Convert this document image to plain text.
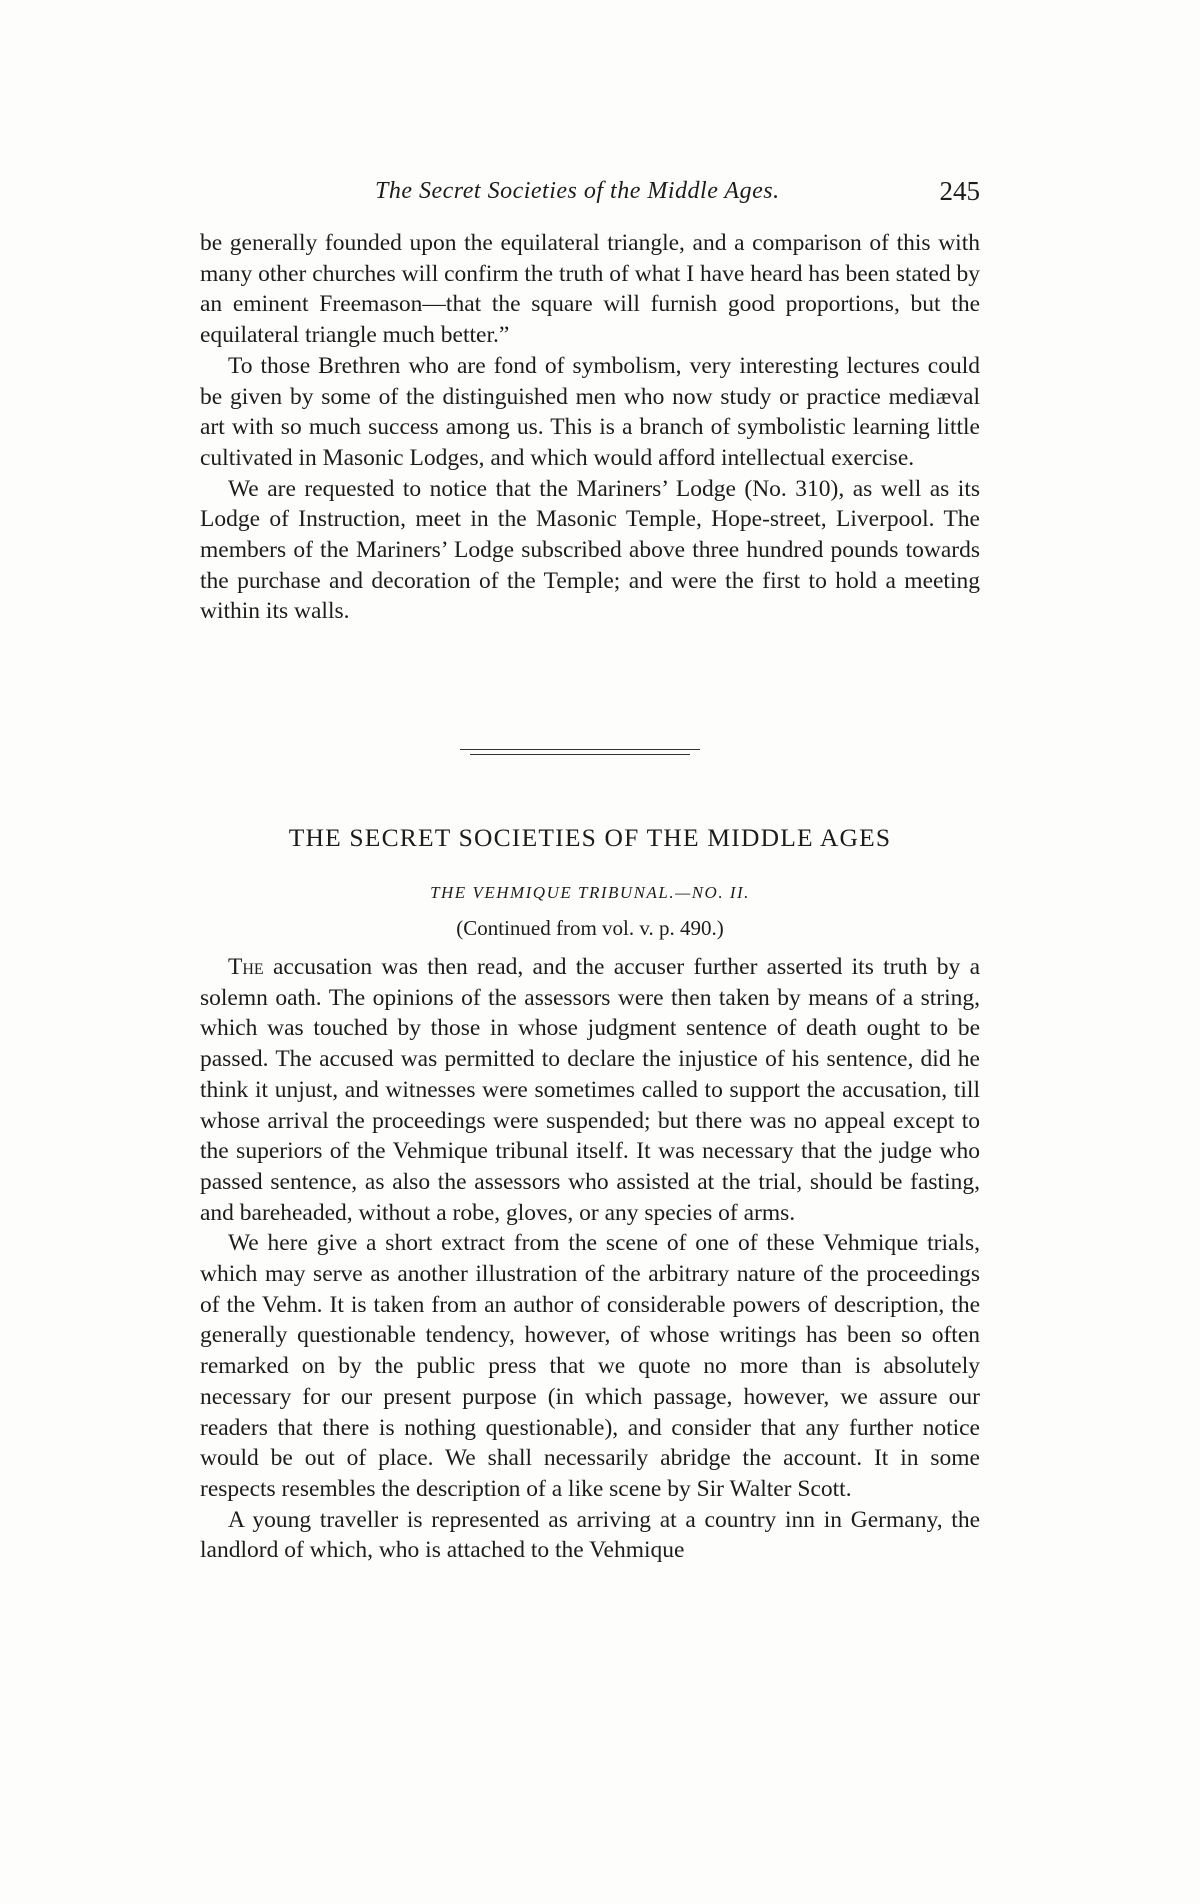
The Secret Societies of the Middle Ages.	245

be generally founded upon the equilateral triangle, and a comparison of this with many other churches will confirm the truth of what I have heard has been stated by an eminent Freemason—that the square will furnish good proportions, but the equilateral triangle much better.”

To those Brethren who are fond of symbolism, very interesting lectures could be given by some of the distinguished men who now study or practice mediæval art with so much success among us. This is a branch of symbolistic learning little cultivated in Masonic Lodges, and which would afford intellectual exercise.

We are requested to notice that the Mariners’ Lodge (No. 310), as well as its Lodge of Instruction, meet in the Masonic Temple, Hope-street, Liverpool. The members of the Mariners’ Lodge subscribed above three hundred pounds towards the purchase and decoration of the Temple; and were the first to hold a meeting within its walls.

THE SECRET SOCIETIES OF THE MIDDLE AGES
THE VEHMIQUE TRIBUNAL.—NO. II.
(Continued from vol. v. p. 490.)

The accusation was then read, and the accuser further asserted its truth by a solemn oath. The opinions of the assessors were then taken by means of a string, which was touched by those in whose judgment sentence of death ought to be passed. The accused was permitted to declare the injustice of his sentence, did he think it unjust, and witnesses were sometimes called to support the accusation, till whose arrival the proceedings were suspended; but there was no appeal except to the superiors of the Vehmique tribunal itself. It was necessary that the judge who passed sentence, as also the assessors who assisted at the trial, should be fasting, and bareheaded, without a robe, gloves, or any species of arms.

We here give a short extract from the scene of one of these Vehmique trials, which may serve as another illustration of the arbitrary nature of the proceedings of the Vehm. It is taken from an author of considerable powers of description, the generally questionable tendency, however, of whose writings has been so often remarked on by the public press that we quote no more than is absolutely necessary for our present purpose (in which passage, however, we assure our readers that there is nothing questionable), and consider that any further notice would be out of place. We shall necessarily abridge the account. It in some respects resembles the description of a like scene by Sir Walter Scott.

A young traveller is represented as arriving at a country inn in Germany, the landlord of which, who is attached to the Vehmique
